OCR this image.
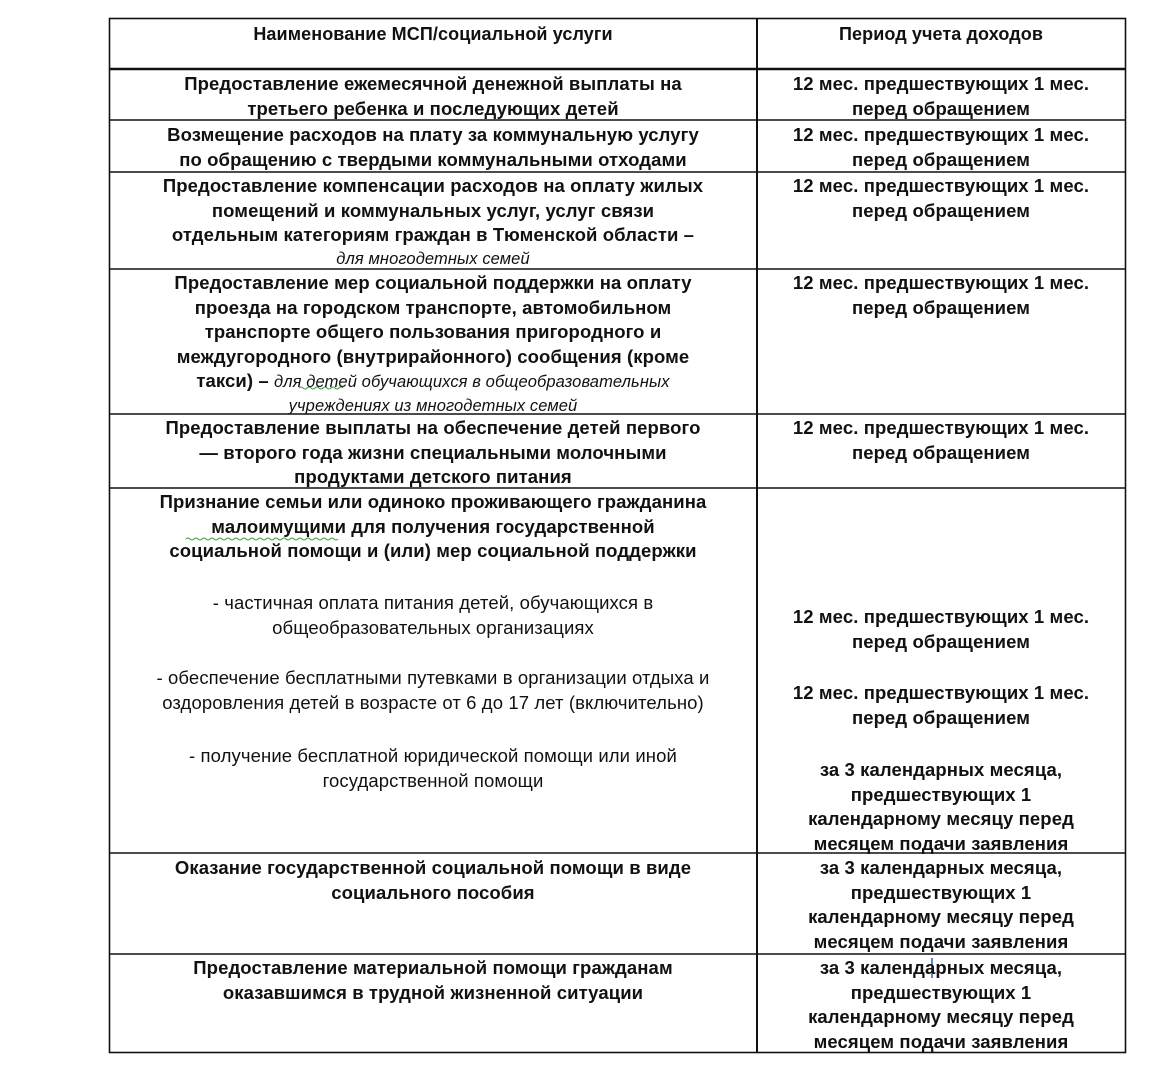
Наименование МСП/социальной услуги	Период учета доходов
Предоставление ежемесячной денежной выплаты на
третьего ребенка и последующих детей
12 мес. предшествующих 1 мес.
перед обращением
Возмещение расходов на плату за коммунальную услугу
по обращению с твердыми коммунальными отходами
12 мес. предшествующих 1 мес.
перед обращением
Предоставление компенсации расходов на оплату жилых
помещений и коммунальных услуг, услуг связи
отдельным категориям граждан в Тюменской области –
для многодетных семей
12 мес. предшествующих 1 мес.
перед обращением
Предоставление мер социальной поддержки на оплату
проезда на городском транспорте, автомобильном
транспорте общего пользования пригородного и
междугородного (внутрирайонного) сообщения (кроме
такси) – для детей обучающихся в общеобразовательных
учреждениях из многодетных семей
12 мес. предшествующих 1 мес.
перед обращением
Предоставление выплаты на обеспечение детей первого
— второго года жизни специальными молочными
продуктами детского питания
12 мес. предшествующих 1 мес.
перед обращением
Признание семьи или одиноко проживающего гражданина
малоимущими для получения государственной
социальной помощи и (или) мер социальной поддержки
- частичная оплата питания детей, обучающихся в
общеобразовательных организациях
- обеспечение бесплатными путевками в организации отдыха и
оздоровления детей в возрасте от 6 до 17 лет (включительно)
- получение бесплатной юридической помощи или иной
государственной помощи
12 мес. предшествующих 1 мес.
перед обращением
12 мес. предшествующих 1 мес.
перед обращением
за 3 календарных месяца,
предшествующих 1
календарному месяцу перед
месяцем подачи заявления
Оказание государственной социальной помощи в виде
социального пособия
за 3 календарных месяца,
предшествующих 1
календарному месяцу перед
месяцем подачи заявления
Предоставление материальной помощи гражданам
оказавшимся в трудной жизненной ситуации
за 3 календарных месяца,
предшествующих 1
календарному месяцу перед
месяцем подачи заявления
